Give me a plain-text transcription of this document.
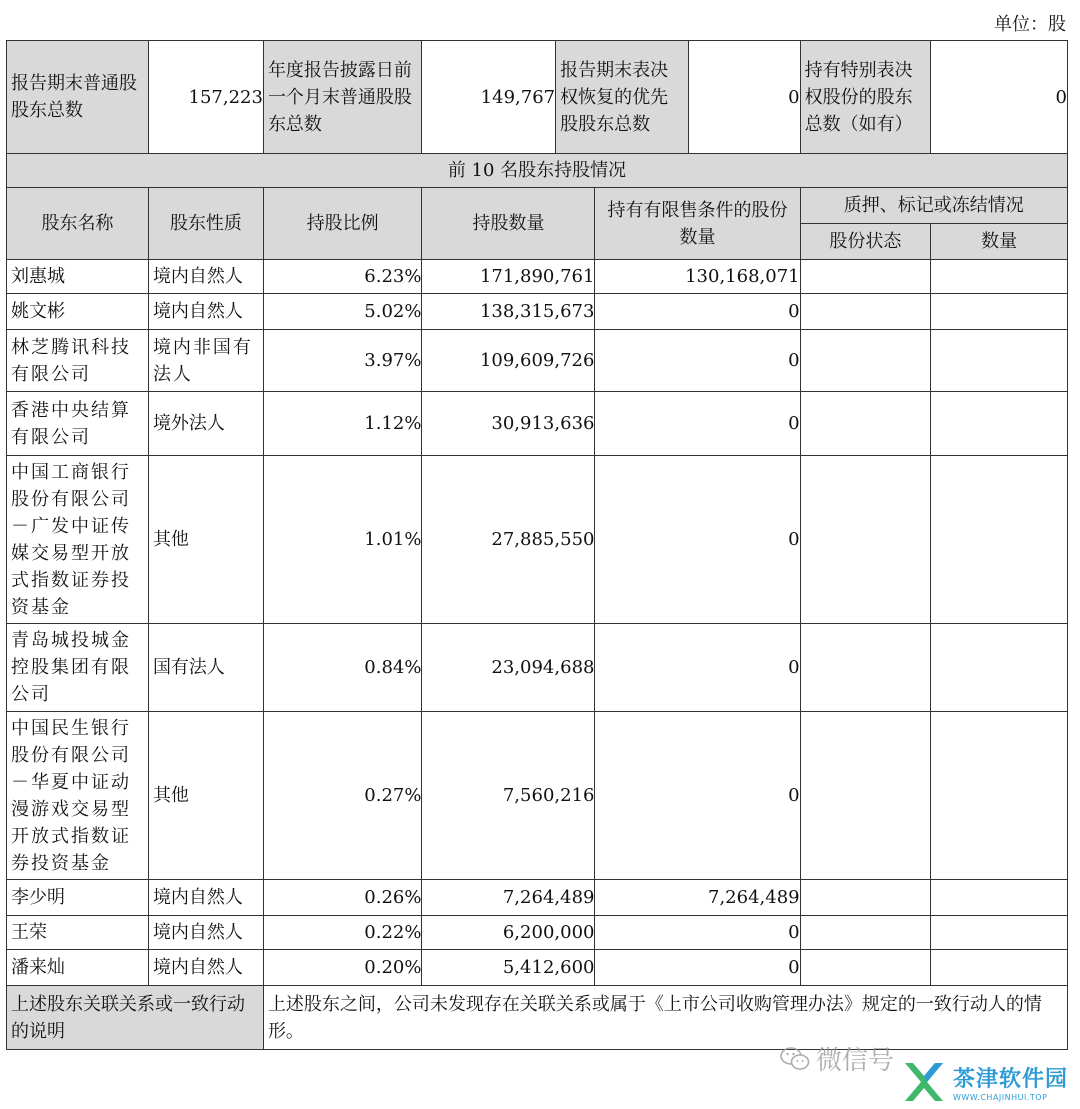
单位：股
报告期末普通股股东总数	157,223	年度报告披露日前一个月末普通股股东总数	149,767	报告期末表决权恢复的优先股股东总数		0	持有特别表决权股份的股东总数（如有）	0
前 10 名股东持股情况								
股东名称	股东性质	持股比例	持股数量		持有有限售条件的股份数量		质押、标记或冻结情况	
							股份状态	数量
刘惠城	境内自然人	6.23%	171,890,761		130,168,071			
姚文彬	境内自然人	5.02%	138,315,673		0			
林芝腾讯科技有限公司	境内非国有法人	3.97%	109,609,726		0			
香港中央结算有限公司	境外法人	1.12%	30,913,636		0			
中国工商银行股份有限公司－广发中证传媒交易型开放式指数证券投资基金	其他	1.01%	27,885,550		0			
青岛城投城金控股集团有限公司	国有法人	0.84%	23,094,688		0			
中国民生银行股份有限公司－华夏中证动漫游戏交易型开放式指数证券投资基金	其他	0.27%	7,560,216		0			
李少明	境内自然人	0.26%	7,264,489		7,264,489			
王荣	境内自然人	0.22%	6,200,000		0			
潘来灿	境内自然人	0.20%	5,412,600		0			
上述股东关联关系或一致行动的说明		上述股东之间，公司未发现存在关联关系或属于《上市公司收购管理办法》规定的一致行动人的情形。						
微信号
茶津软件园
WWW.CHAJINHUI.TOP
